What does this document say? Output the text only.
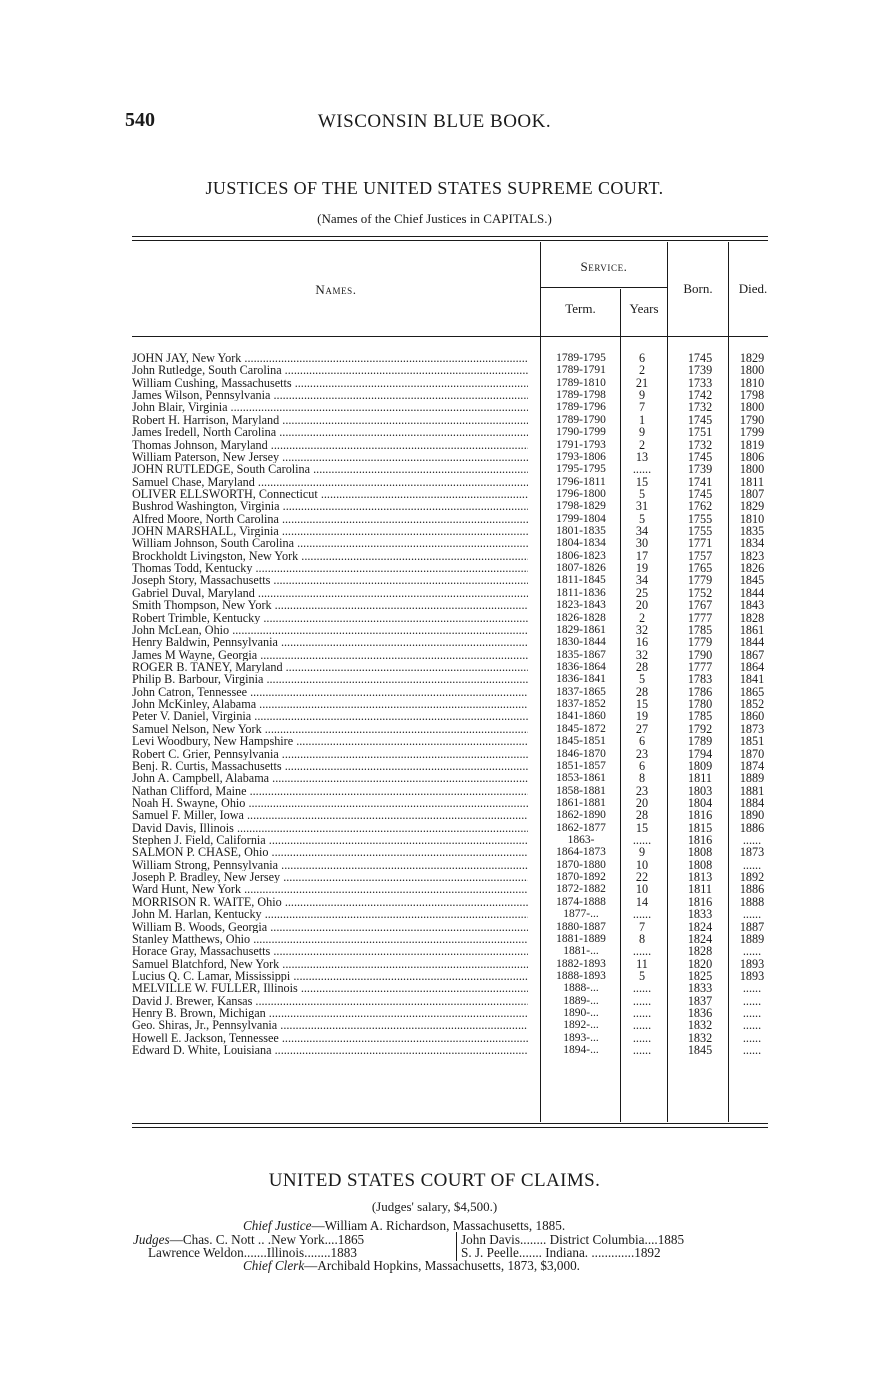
540	WISCONSIN BLUE BOOK.
JUSTICES OF THE UNITED STATES SUPREME COURT.
(Names of the Chief Justices in CAPITALS.)
Names.
Service.
Term.	Years
Born.	Died.
JOHN JAY, New York .....	1789-1795	6	1745	1829
John Rutledge, South Carolina .....	1789-1791	2	1739	1800
William Cushing, Massachusetts .....	1789-1810	21	1733	1810
James Wilson, Pennsylvania .....	1789-1798	9	1742	1798
John Blair, Virginia .....	1789-1796	7	1732	1800
Robert H. Harrison, Maryland .....	1789-1790	1	1745	1790
James Iredell, North Carolina .....	1790-1799	9	1751	1799
Thomas Johnson, Maryland .....	1791-1793	2	1732	1819
William Paterson, New Jersey .....	1793-1806	13	1745	1806
JOHN RUTLEDGE, South Carolina .....	1795-1795	......	1739	1800
Samuel Chase, Maryland .....	1796-1811	15	1741	1811
OLIVER ELLSWORTH, Connecticut .....	1796-1800	5	1745	1807
Bushrod Washington, Virginia .....	1798-1829	31	1762	1829
Alfred Moore, North Carolina .....	1799-1804	5	1755	1810
JOHN MARSHALL, Virginia .....	1801-1835	34	1755	1835
William Johnson, South Carolina .....	1804-1834	30	1771	1834
Brockholdt Livingston, New York .....	1806-1823	17	1757	1823
Thomas Todd, Kentucky .....	1807-1826	19	1765	1826
Joseph Story, Massachusetts .....	1811-1845	34	1779	1845
Gabriel Duval, Maryland .....	1811-1836	25	1752	1844
Smith Thompson, New York .....	1823-1843	20	1767	1843
Robert Trimble, Kentucky .....	1826-1828	2	1777	1828
John McLean, Ohio .....	1829-1861	32	1785	1861
Henry Baldwin, Pennsylvania .....	1830-1844	16	1779	1844
James M Wayne, Georgia .....	1835-1867	32	1790	1867
ROGER B. TANEY, Maryland .....	1836-1864	28	1777	1864
Philip B. Barbour, Virginia .....	1836-1841	5	1783	1841
John Catron, Tennessee .....	1837-1865	28	1786	1865
John McKinley, Alabama .....	1837-1852	15	1780	1852
Peter V. Daniel, Virginia .....	1841-1860	19	1785	1860
Samuel Nelson, New York .....	1845-1872	27	1792	1873
Levi Woodbury, New Hampshire .....	1845-1851	6	1789	1851
Robert C. Grier, Pennsylvania .....	1846-1870	23	1794	1870
Benj. R. Curtis, Massachusetts .....	1851-1857	6	1809	1874
John A. Campbell, Alabama .....	1853-1861	8	1811	1889
Nathan Clifford, Maine .....	1858-1881	23	1803	1881
Noah H. Swayne, Ohio .....	1861-1881	20	1804	1884
Samuel F. Miller, Iowa .....	1862-1890	28	1816	1890
David Davis, Illinois .....	1862-1877	15	1815	1886
Stephen J. Field, California .....	1863-	......	1816	......
SALMON P. CHASE, Ohio .....	1864-1873	9	1808	1873
William Strong, Pennsylvania .....	1870-1880	10	1808	......
Joseph P. Bradley, New Jersey .....	1870-1892	22	1813	1892
Ward Hunt, New York .....	1872-1882	10	1811	1886
MORRISON R. WAITE, Ohio .....	1874-1888	14	1816	1888
John M. Harlan, Kentucky .....	1877-...	......	1833	......
William B. Woods, Georgia .....	1880-1887	7	1824	1887
Stanley Matthews, Ohio .....	1881-1889	8	1824	1889
Horace Gray, Massachusetts .....	1881-...	......	1828	......
Samuel Blatchford, New York .....	1882-1893	11	1820	1893
Lucius Q. C. Lamar, Mississippi .....	1888-1893	5	1825	1893
MELVILLE W. FULLER, Illinois .....	1888-...	......	1833	......
David J. Brewer, Kansas .....	1889-...	......	1837	......
Henry B. Brown, Michigan .....	1890-...	......	1836	......
Geo. Shiras, Jr., Pennsylvania .....	1892-...	......	1832	......
Howell E. Jackson, Tennessee .....	1893-...	......	1832	......
Edward D. White, Louisiana .....	1894-...	......	1845	......
UNITED STATES COURT OF CLAIMS.
(Judges' salary, $4,500.)
Chief Justice—William A. Richardson, Massachusetts, 1885.
Judges—Chas. C. Nott .. .New York....1865	John Davis........ District Columbia....1885
Lawrence Weldon.......Illinois........1883	S. J. Peelle....... Indiana. .............1892
Chief Clerk—Archibald Hopkins, Massachusetts, 1873, $3,000.
